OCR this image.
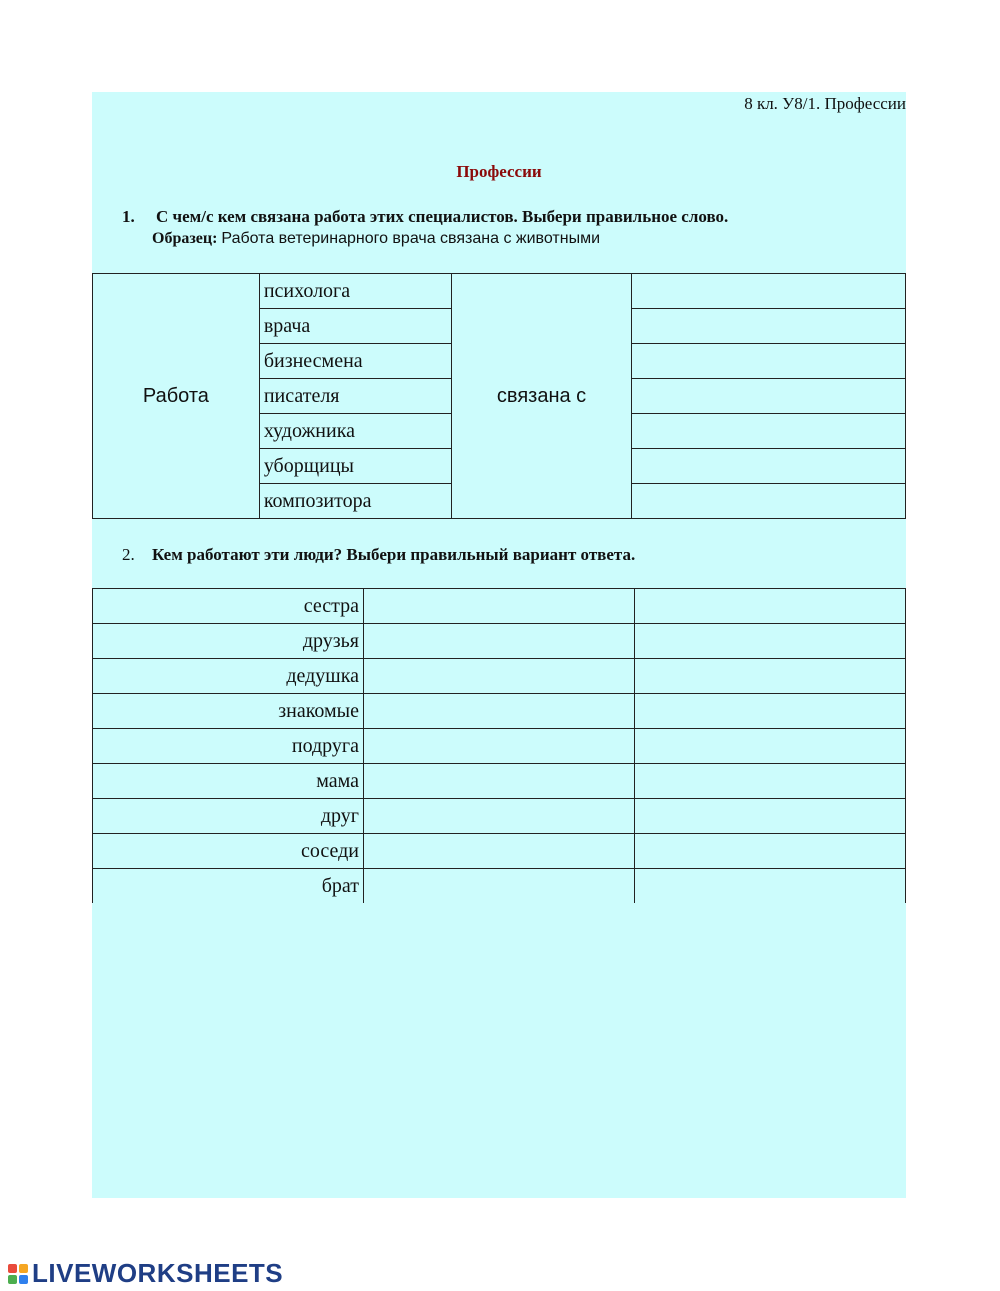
8 кл. У8/1. Профессии
Профессии
1. С чем/с кем связана работа этих специалистов. Выбери правильное слово.
Образец: Работа ветеринарного врача связана с животными
Работа	психолога	связана с	
	врача		
	бизнесмена		
	писателя		
	художника		
	уборщицы		
	композитора		
2. Кем работают эти люди? Выбери правильный вариант ответа.
сестра		
друзья		
дедушка		
знакомые		
подруга		
мама		
друг		
соседи		
брат		
LIVEWORKSHEETS
